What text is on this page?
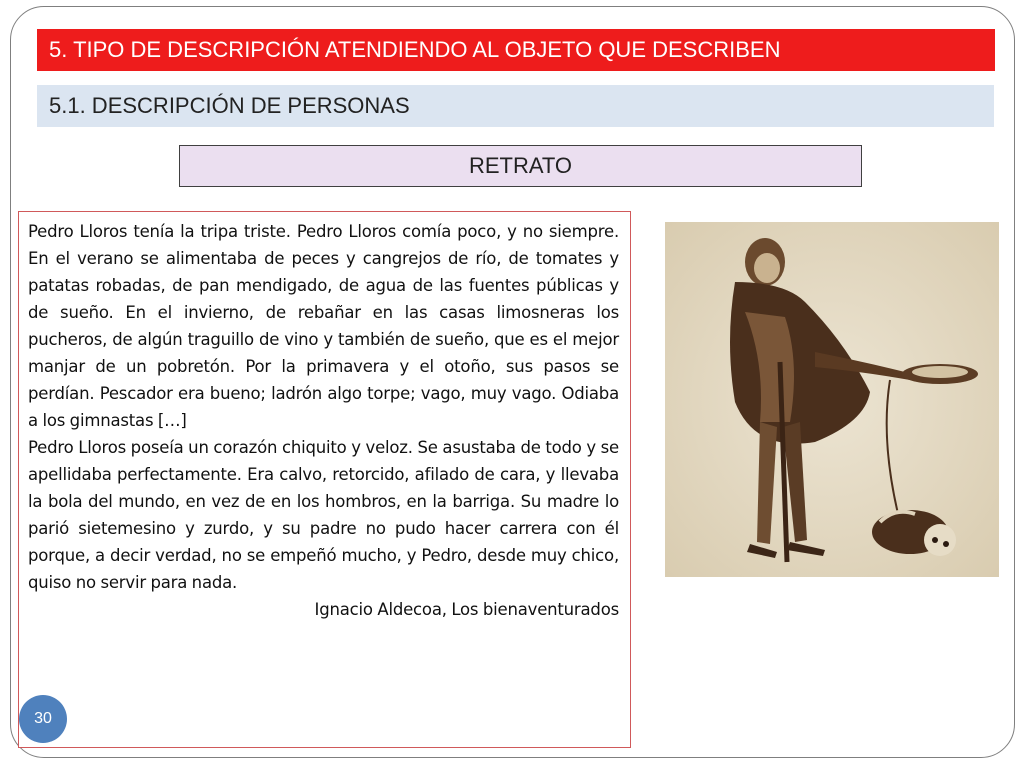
5. TIPO DE DESCRIPCIÓN ATENDIENDO AL OBJETO QUE DESCRIBEN
5.1. DESCRIPCIÓN DE PERSONAS
RETRATO

Pedro Lloros tenía la tripa triste. Pedro Lloros comía poco, y no siempre. En el verano se alimentaba de peces y cangrejos de río, de tomates y patatas robadas, de pan mendigado, de agua de las fuentes públicas y de sueño. En el invierno, de rebañar en las casas limosneras los pucheros, de algún traguillo de vino y también de sueño, que es el mejor manjar de un pobretón. Por la primavera y el otoño, sus pasos se perdían. Pescador era bueno; ladrón algo torpe; vago, muy vago. Odiaba a los gimnastas […]

Pedro Lloros poseía un corazón chiquito y veloz. Se asustaba de todo y se apellidaba perfectamente. Era calvo, retorcido, afilado de cara, y llevaba la bola del mundo, en vez de en los hombros, en la barriga. Su madre lo parió sietemesino y zurdo, y su padre no pudo hacer carrera con él porque, a decir verdad, no se empeñó mucho, y Pedro, desde muy chico, quiso no servir para nada.

Ignacio Aldecoa, Los bienaventurados

30
